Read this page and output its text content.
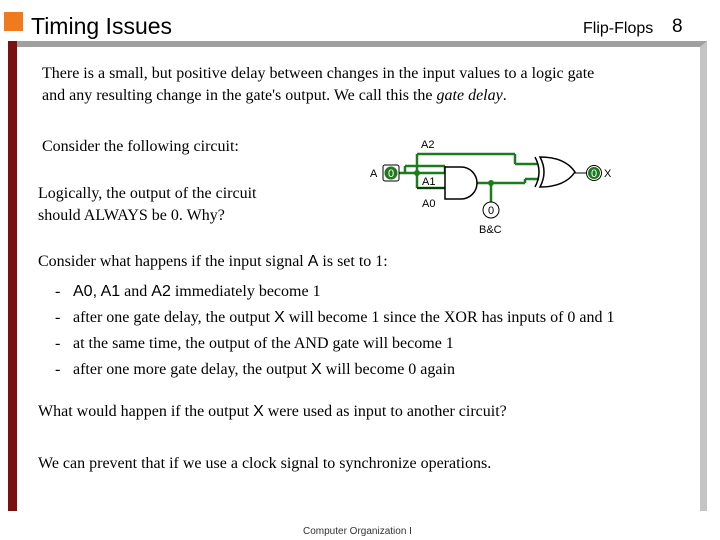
Timing Issues	Flip-Flops 8
There is a small, but positive delay between changes in the input values to a logic gate
and any resulting change in the gate's output. We call this the gate delay.
Consider the following circuit:
Logically, the output of the circuit
should ALWAYS be 0. Why?
0	0
0
A
A2
A1
A0
X
B&C
Consider what happens if the input signal A is set to 1:
- A0, A1 and A2 immediately become 1
- after one gate delay, the output X will become 1 since the XOR has inputs of 0 and 1
- at the same time, the output of the AND gate will become 1
- after one more gate delay, the output X will become 0 again
What would happen if the output X were used as input to another circuit?
We can prevent that if we use a clock signal to synchronize operations.
Computer Organization I
